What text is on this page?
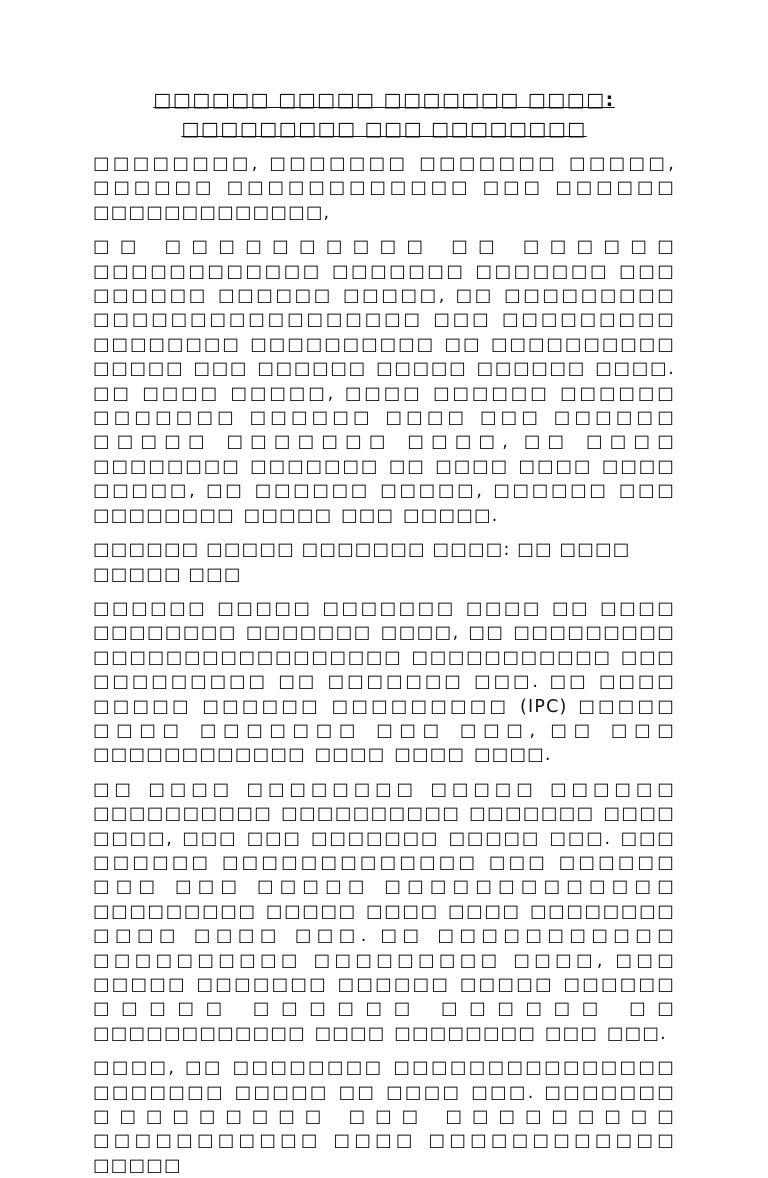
□□□□□□ □□□□□ □□□□□□□ □□□□: □□□□□□□□□ □□□ □□□□□□□□

□□□□□□□□, □□□□□□□ □□□□□□□ □□□□□, □□□□□□ □□□□□□□□□□□□ □□□ □□□□□□ □□□□□□□□□□□□□,

□□ □□□□□□□□□□ □□ □□□□□□ □□□□□□□□□□□□ □□□□□□□ □□□□□□□ □□□ □□□□□□ □□□□□□ □□□□□, □□ □□□□□□□□□ □□□□□□□□□□□□□□□□□ □□□ □□□□□□□□□ □□□□□□□□ □□□□□□□□□□ □□ □□□□□□□□□□ □□□□□ □□□ □□□□□□ □□□□□ □□□□□□ □□□□. □□ □□□□ □□□□□, □□□□ □□□□□□ □□□□□□ □□□□□□□ □□□□□□ □□□□ □□□ □□□□□□ □□□□□ □□□□□□□ □□□□, □□ □□□□ □□□□□□□□ □□□□□□□ □□ □□□□ □□□□ □□□□ □□□□□, □□ □□□□□□ □□□□□, □□□□□□ □□□ □□□□□□□□ □□□□□ □□□ □□□□□.

□□□□□□ □□□□□ □□□□□□□ □□□□: □□ □□□□ □□□□□ □□□

□□□□□□ □□□□□ □□□□□□□ □□□□ □□ □□□□ □□□□□□□□ □□□□□□□ □□□□, □□ □□□□□□□□□ □□□□□□□□□□□□□□□□□ □□□□□□□□□□□ □□□ □□□□□□□□□ □□ □□□□□□□ □□□. □□ □□□□ □□□□□ □□□□□□ □□□□□□□□□ (IPC) □□□□□ □□□□ □□□□□□□ □□□ □□□, □□ □□□ □□□□□□□□□□□□ □□□□ □□□□ □□□□.

□□ □□□□ □□□□□□□□ □□□□□ □□□□□□ □□□□□□□□□□ □□□□□□□□□□ □□□□□□□ □□□□ □□□□, □□□ □□□ □□□□□□□ □□□□□ □□□. □□□ □□□□□□ □□□□□□□□□□□□□ □□□ □□□□□□ □□□ □□□ □□□□□ □□□□□□□□□□□□□ □□□□□□□□□ □□□□□ □□□□ □□□□ □□□□□□□□ □□□□ □□□□ □□□. □□ □□□□□□□□□□□ □□□□□□□□□□ □□□□□□□□□ □□□□, □□□ □□□□□ □□□□□□□ □□□□□□ □□□□□ □□□□□□ □□□□□ □□□□□□ □□□□□□ □□ □□□□□□□□□□□□ □□□□ □□□□□□□□ □□□ □□□.

□□□□, □□ □□□□□□□□ □□□□□□□□□□□□□□□ □□□□□□□ □□□□□ □□ □□□□ □□□. □□□□□□□ □□□□□□□□□ □□□ □□□□□□□□□ □□□□□□□□□□□ □□□□ □□□□□□□□□□□□ □□□□□
